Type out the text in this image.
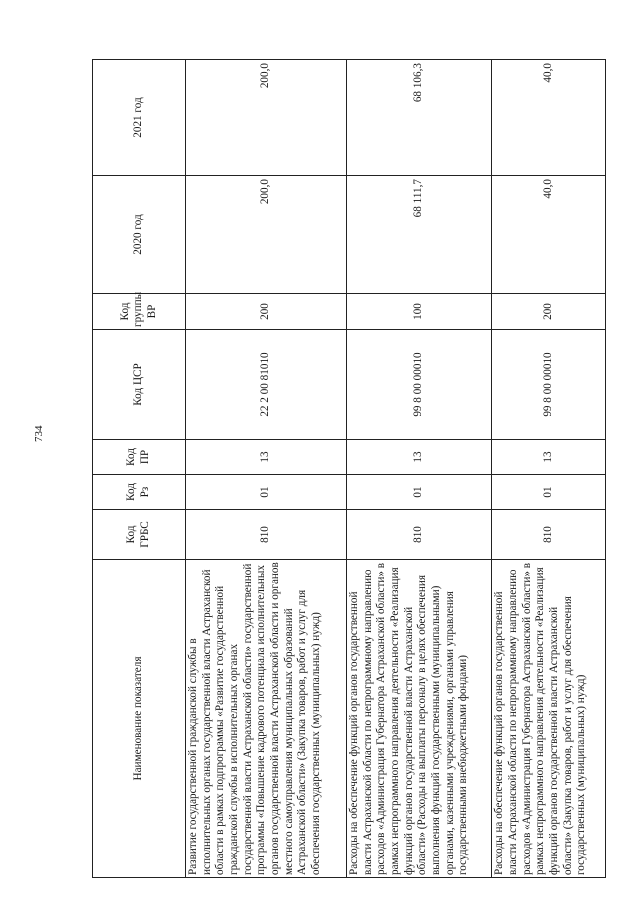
734
Наименование показателя	Код ГРБС	Код Рз	Код ПР	Код ЦСР	Код группы ВР	2020 год	2021 год
Развитие государственной гражданской службы в исполнительных органах государственной власти Астраханской области в рамках подпрограммы «Развитие государственной гражданской службы в исполнительных органах государственной власти Астраханской области» государственной программы «Повышение кадрового потенциала исполнительных органов государственной власти Астраханской области и органов местного самоуправления муниципальных образований Астраханской области» (Закупка товаров, работ и услуг для обеспечения государственных (муниципальных) нужд)	810	01	13	22 2 00 81010	200	200,0	200,0
Расходы на обеспечение функций органов государственной власти Астраханской области по непрограммному направлению расходов «Администрация Губернатора Астраханской области» в рамках непрограммного направления деятельности «Реализация функций органов государственной власти Астраханской области» (Расходы на выплаты персоналу в целях обеспечения выполнения функций государственными (муниципальными) органами, казенными учреждениями, органами управления государственными внебюджетными фондами)	810	01	13	99 8 00 00010	100	68 111,7	68 106,3
Расходы на обеспечение функций органов государственной власти Астраханской области по непрограммному направлению расходов «Администрация Губернатора Астраханской области» в рамках непрограммного направления деятельности «Реализация функций органов государственной власти Астраханской области» (Закупка товаров, работ и услуг для обеспечения государственных (муниципальных) нужд)	810	01	13	99 8 00 00010	200	40,0	40,0
